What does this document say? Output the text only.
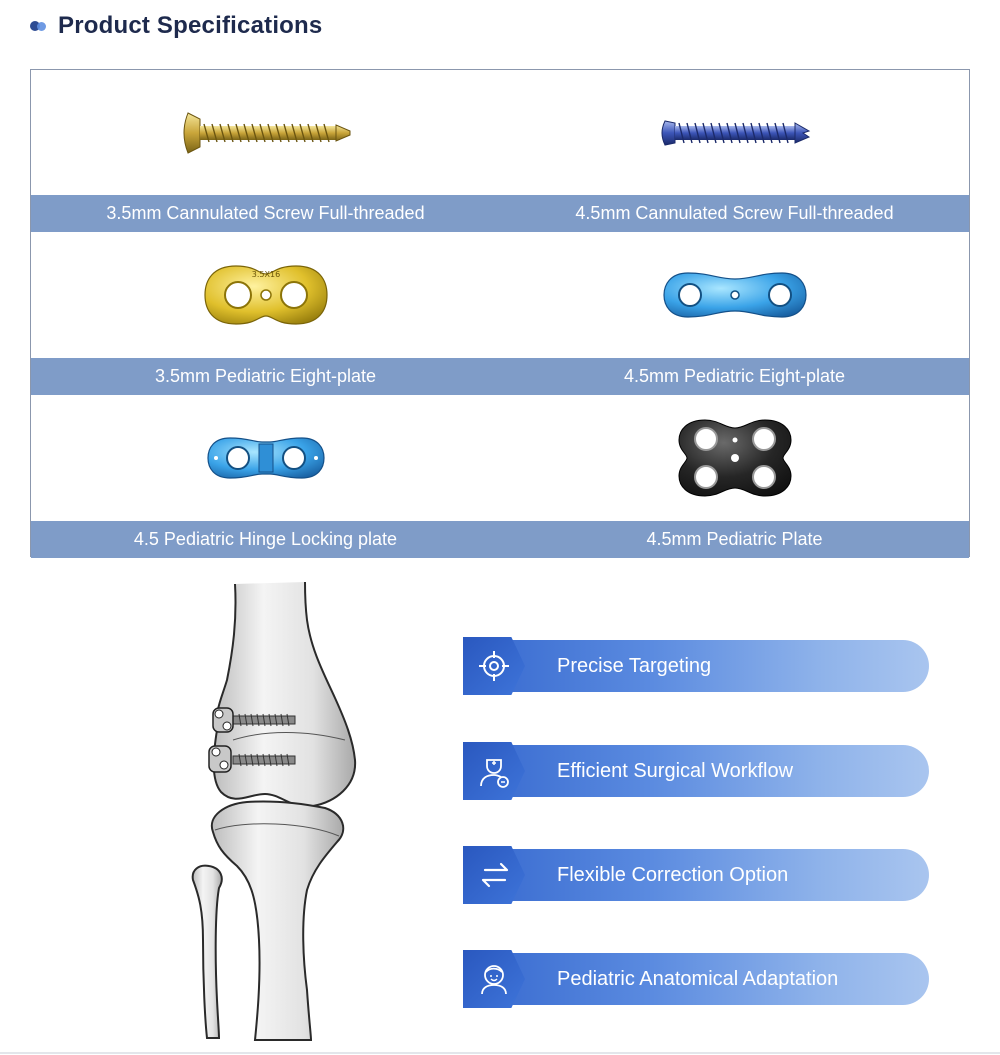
Product Specifications
3.5mm Cannulated Screw Full-threaded	4.5mm Cannulated Screw Full-threaded
3.5X16
3.5mm Pediatric Eight-plate	4.5mm Pediatric Eight-plate
4.5 Pediatric Hinge Locking plate	4.5mm Pediatric Plate
Precise Targeting
Efficient Surgical Workflow
Flexible Correction Option
Pediatric Anatomical Adaptation
